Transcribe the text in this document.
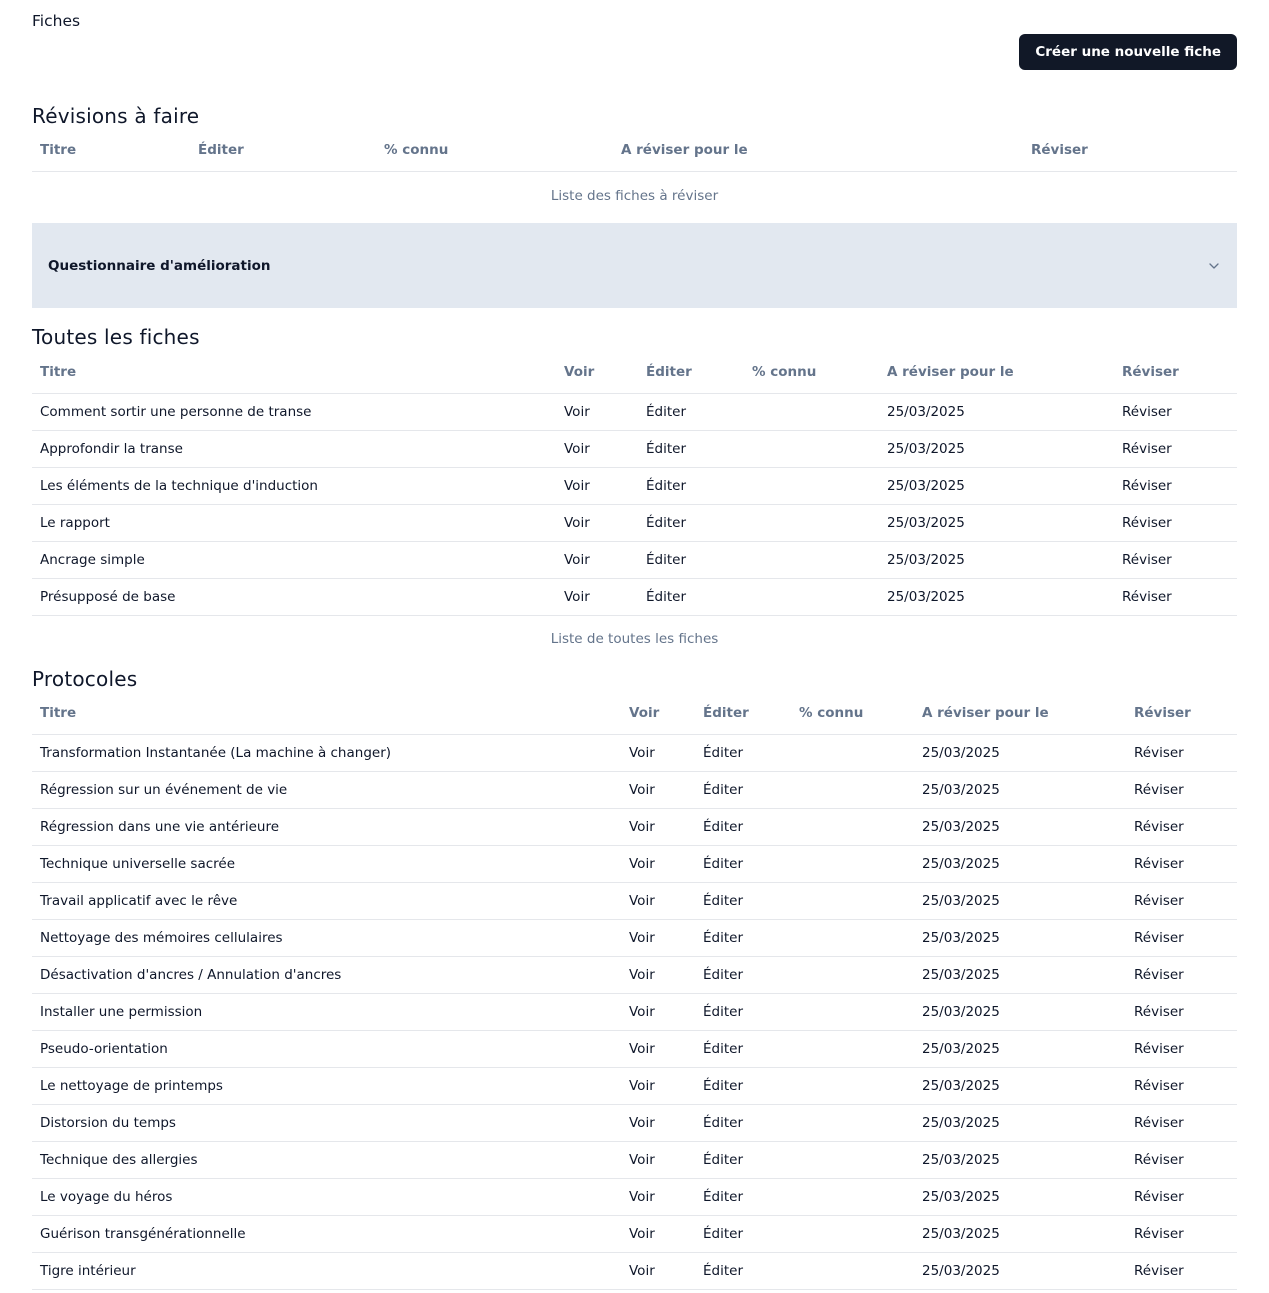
Fiches
Créer une nouvelle fiche
Révisions à faire
Titre	Éditer	% connu	A réviser pour le	Réviser
Liste des fiches à réviser
Questionnaire d'amélioration
Toutes les fiches
Titre	Voir	Éditer	% connu	A réviser pour le	Réviser
Comment sortir une personne de transe	Voir	Éditer		25/03/2025	Réviser
Approfondir la transe	Voir	Éditer		25/03/2025	Réviser
Les éléments de la technique d'induction	Voir	Éditer		25/03/2025	Réviser
Le rapport	Voir	Éditer		25/03/2025	Réviser
Ancrage simple	Voir	Éditer		25/03/2025	Réviser
Présupposé de base	Voir	Éditer		25/03/2025	Réviser
Liste de toutes les fiches
Protocoles
Titre	Voir	Éditer	% connu	A réviser pour le	Réviser
Transformation Instantanée (La machine à changer)	Voir	Éditer		25/03/2025	Réviser
Régression sur un événement de vie	Voir	Éditer		25/03/2025	Réviser
Régression dans une vie antérieure	Voir	Éditer		25/03/2025	Réviser
Technique universelle sacrée	Voir	Éditer		25/03/2025	Réviser
Travail applicatif avec le rêve	Voir	Éditer		25/03/2025	Réviser
Nettoyage des mémoires cellulaires	Voir	Éditer		25/03/2025	Réviser
Désactivation d'ancres / Annulation d'ancres	Voir	Éditer		25/03/2025	Réviser
Installer une permission	Voir	Éditer		25/03/2025	Réviser
Pseudo-orientation	Voir	Éditer		25/03/2025	Réviser
Le nettoyage de printemps	Voir	Éditer		25/03/2025	Réviser
Distorsion du temps	Voir	Éditer		25/03/2025	Réviser
Technique des allergies	Voir	Éditer		25/03/2025	Réviser
Le voyage du héros	Voir	Éditer		25/03/2025	Réviser
Guérison transgénérationnelle	Voir	Éditer		25/03/2025	Réviser
Tigre intérieur	Voir	Éditer		25/03/2025	Réviser
